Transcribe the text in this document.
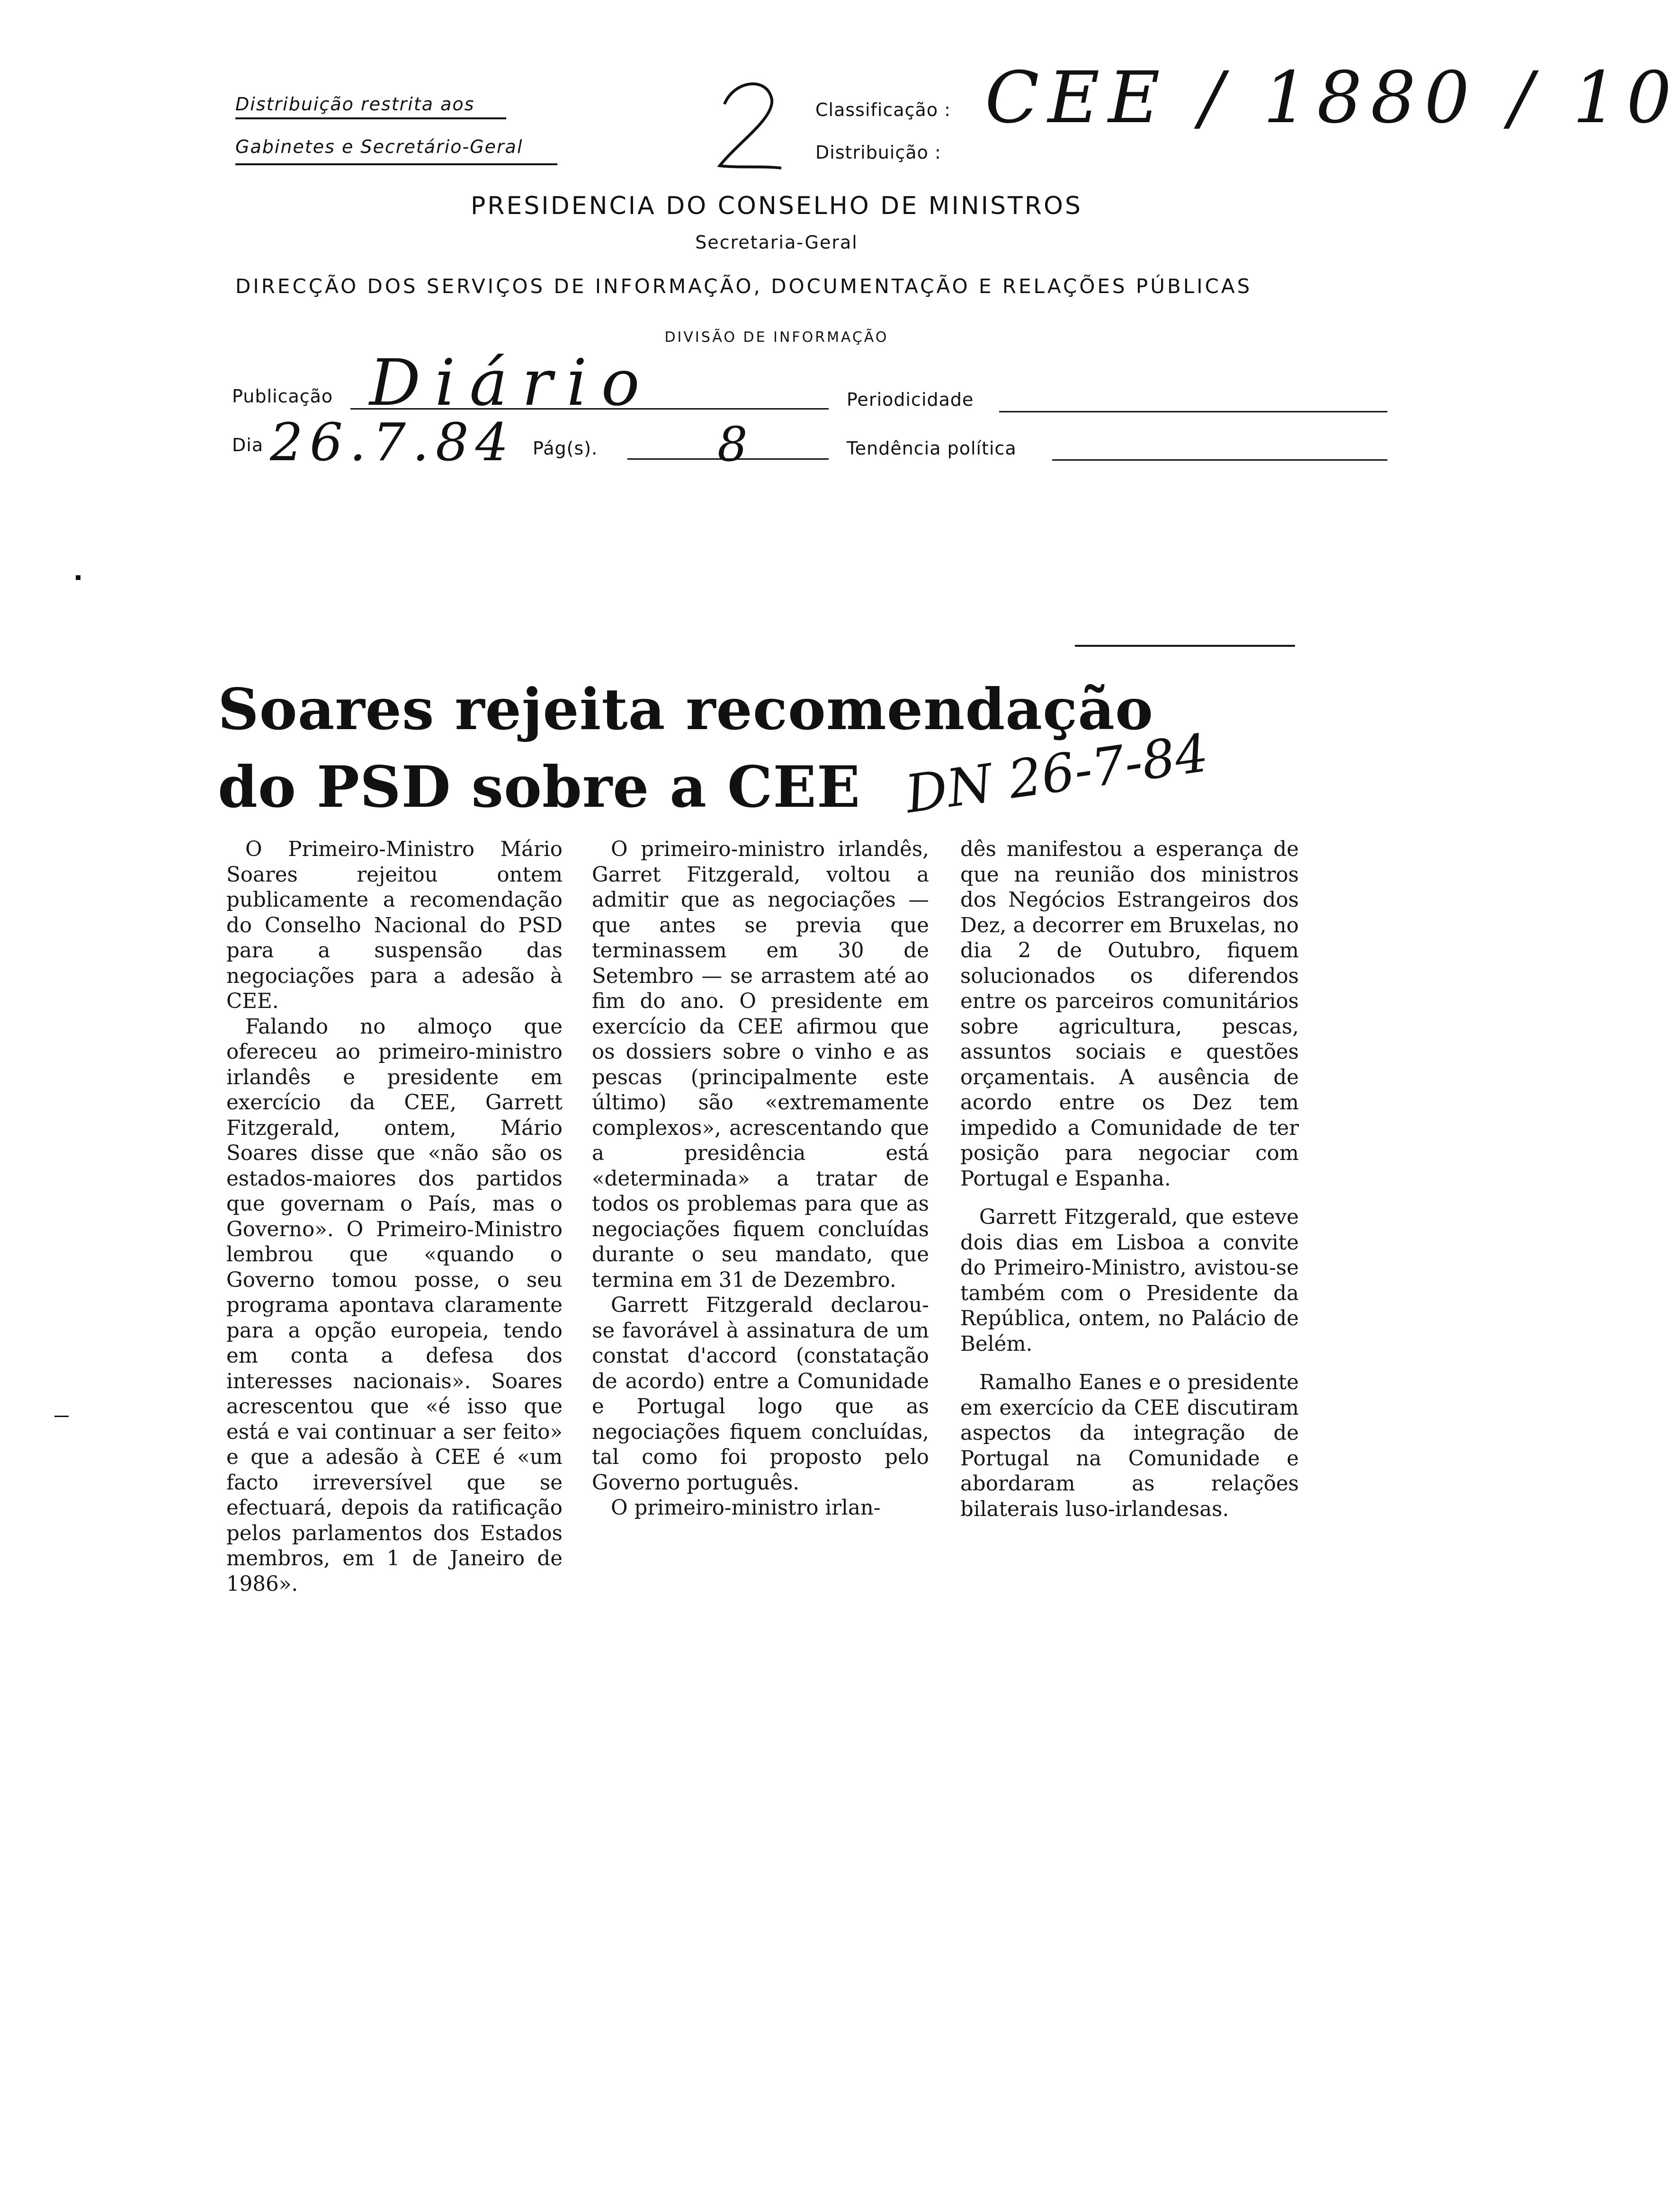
Distribuição restrita aos
Gabinetes e Secretário-Geral
Classificação :
Distribuição :
CEE / 1880 / 10
PRESIDENCIA DO CONSELHO DE MINISTROS
Secretaria-Geral
DIRECÇÃO DOS SERVIÇOS DE INFORMAÇÃO, DOCUMENTAÇÃO E RELAÇÕES PÚBLICAS
DIVISÃO DE INFORMAÇÃO
Publicação Diário	Periodicidade
Dia 26.7.84 Pág(s).	8	Tendência política
Soares rejeita recomendação
do PSD sobre a CEE DN 26-7-84

O Primeiro-Ministro Mário Soares rejeitou ontem publicamente a recomendação do Conselho Nacional do PSD para a suspensão das negociações para a adesão à CEE.

Falando no almoço que ofereceu ao primeiro-ministro irlandês e presidente em exercício da CEE, Garrett Fitzgerald, ontem, Mário Soares disse que «não são os estados-maiores dos partidos que governam o País, mas o Governo». O Primeiro-Ministro lembrou que «quando o Governo tomou posse, o seu programa apontava claramente para a opção europeia, tendo em conta a defesa dos interesses nacionais». Soares acrescentou que «é isso que está e vai continuar a ser feito» e que a adesão à CEE é «um facto irreversível que se efectuará, depois da ratificação pelos parlamentos dos Estados membros, em 1 de Janeiro de 1986».

O primeiro-ministro irlandês, Garret Fitzgerald, voltou a admitir que as negociações — que antes se previa que terminassem em 30 de Setembro — se arrastem até ao fim do ano. O presidente em exercício da CEE afirmou que os dossiers sobre o vinho e as pescas (principalmente este último) são «extremamente complexos», acrescentando que a presidência está «determinada» a tratar de todos os problemas para que as negociações fiquem concluídas durante o seu mandato, que termina em 31 de Dezembro.

Garrett Fitzgerald declarou-se favorável à assinatura de um constat d'accord (constatação de acordo) entre a Comunidade e Portugal logo que as negociações fiquem concluídas, tal como foi proposto pelo Governo português.

O primeiro-ministro irlan-

dês manifestou a esperança de que na reunião dos ministros dos Negócios Estrangeiros dos Dez, a decorrer em Bruxelas, no dia 2 de Outubro, fiquem solucionados os diferendos entre os parceiros comunitários sobre agricultura, pescas, assuntos sociais e questões orçamentais. A ausência de acordo entre os Dez tem impedido a Comunidade de ter posição para negociar com Portugal e Espanha.

Garrett Fitzgerald, que esteve dois dias em Lisboa a convite do Primeiro-Ministro, avistou-se também com o Presidente da República, ontem, no Palácio de Belém.

Ramalho Eanes e o presidente em exercício da CEE discutiram aspectos da integração de Portugal na Comunidade e abordaram as relações bilaterais luso-irlandesas.
